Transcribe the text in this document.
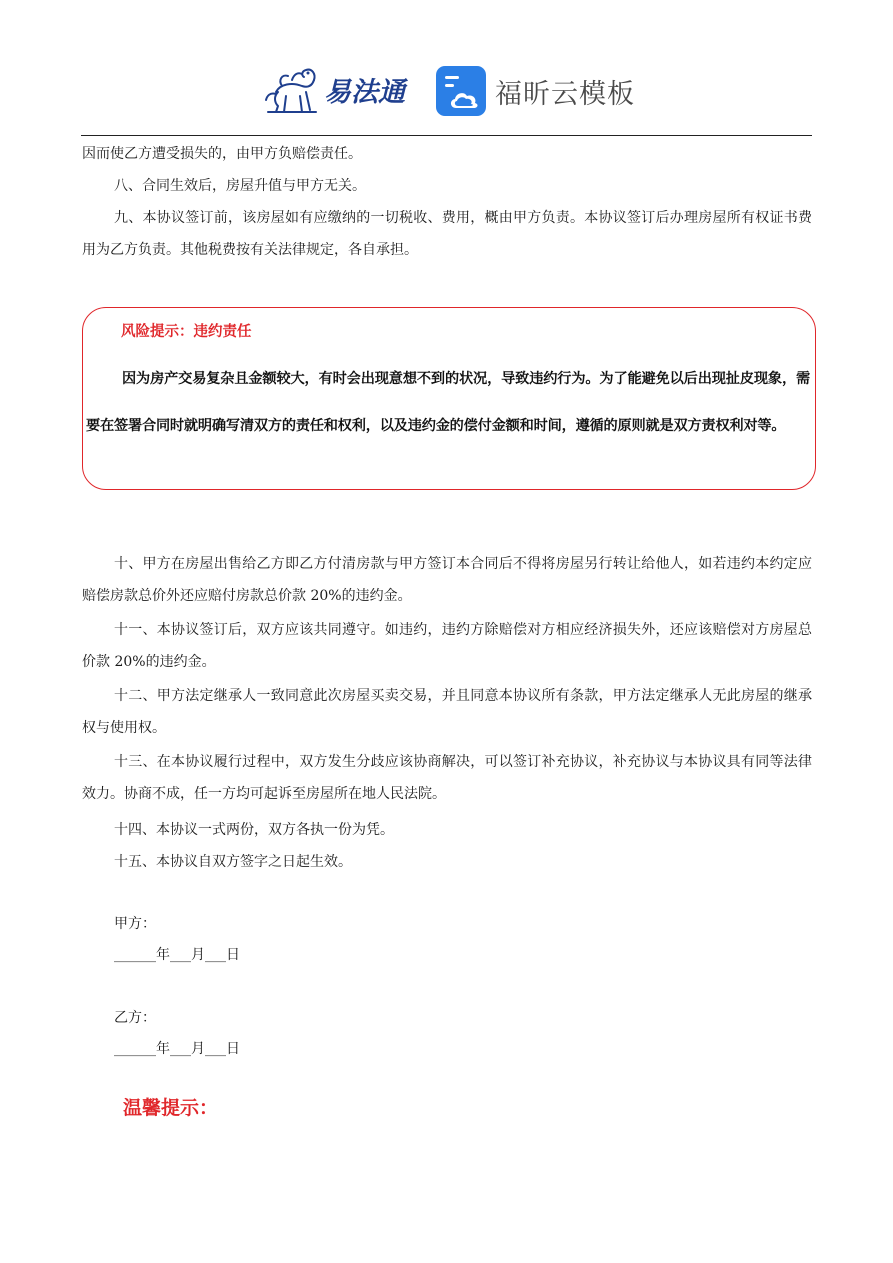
易法通	福昕云模板

因而使乙方遭受损失的，由甲方负赔偿责任。

八、合同生效后，房屋升值与甲方无关。

九、本协议签订前，该房屋如有应缴纳的一切税收、费用，概由甲方负责。本协议签订后办理房屋所有权证书费用为乙方负责。其他税费按有关法律规定，各自承担。

风险提示：违约责任

因为房产交易复杂且金额较大，有时会出现意想不到的状况，导致违约行为。为了能避免以后出现扯皮现象，需要在签署合同时就明确写清双方的责任和权利，以及违约金的偿付金额和时间，遵循的原则就是双方责权利对等。

十、甲方在房屋出售给乙方即乙方付清房款与甲方签订本合同后不得将房屋另行转让给他人，如若违约本约定应赔偿房款总价外还应赔付房款总价款 20%的违约金。

十一、本协议签订后，双方应该共同遵守。如违约，违约方除赔偿对方相应经济损失外，还应该赔偿对方房屋总价款 20%的违约金。

十二、甲方法定继承人一致同意此次房屋买卖交易，并且同意本协议所有条款，甲方法定继承人无此房屋的继承权与使用权。

十三、在本协议履行过程中，双方发生分歧应该协商解决，可以签订补充协议，补充协议与本协议具有同等法律效力。协商不成，任一方均可起诉至房屋所在地人民法院。

十四、本协议一式两份，双方各执一份为凭。

十五、本协议自双方签字之日起生效。

甲方：

______年___月___日

乙方：

______年___月___日

温馨提示：
